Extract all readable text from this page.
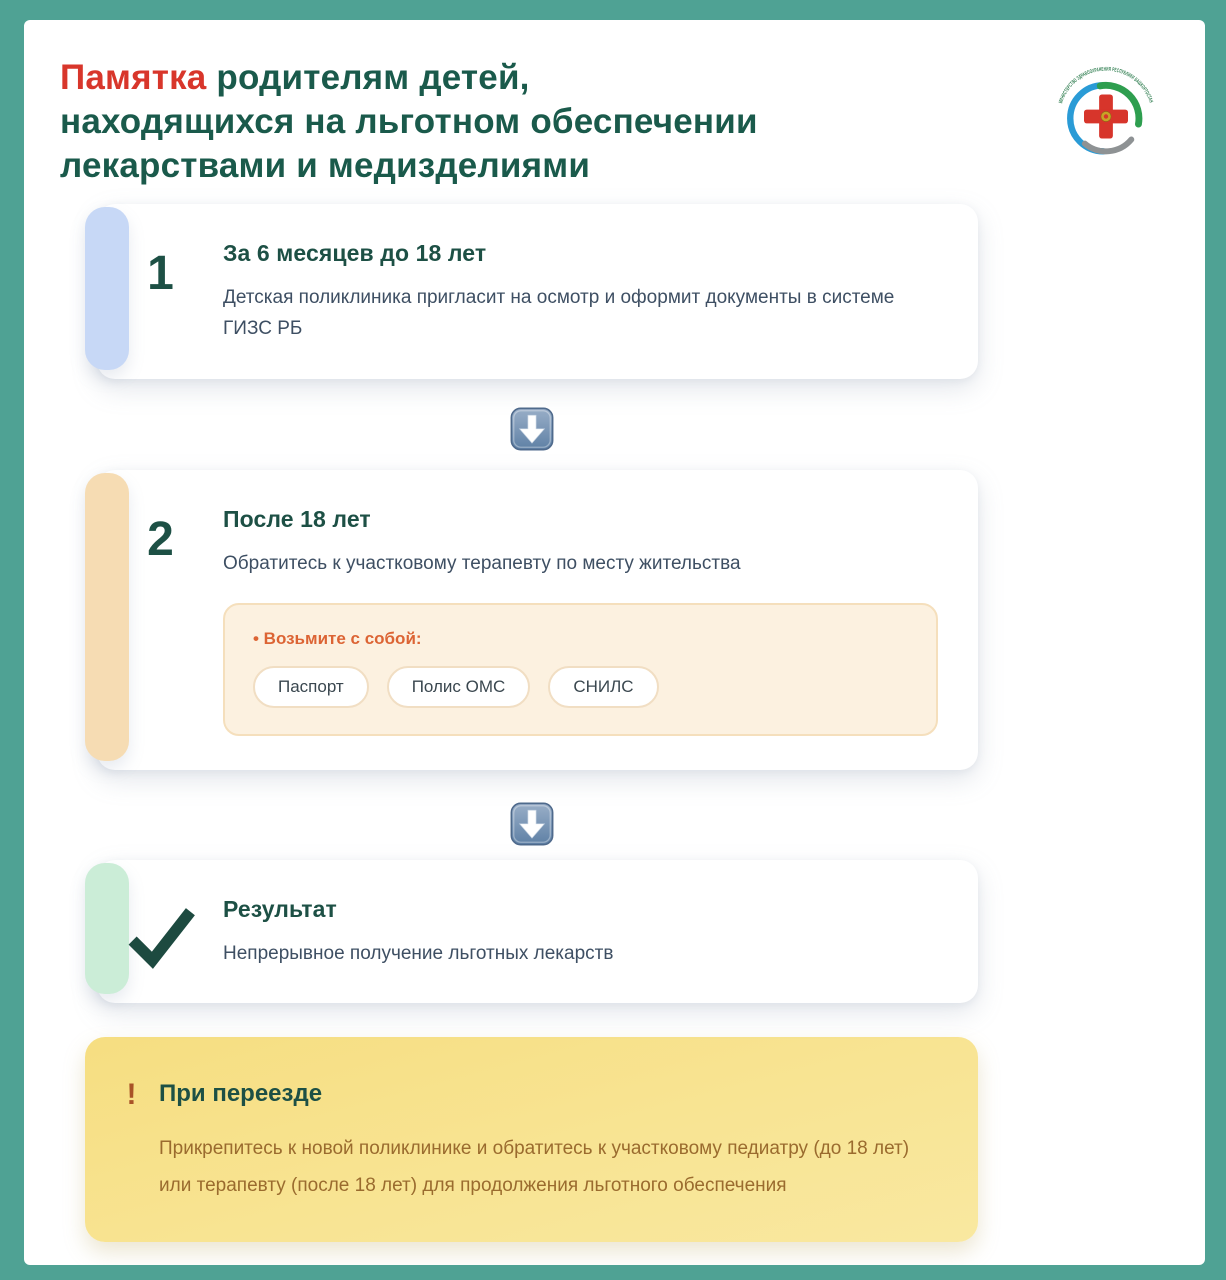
Памятка родителям детей,
находящихся на льготном обеспечении
лекарствами и медизделиями
МИНИСТЕРСТВО ЗДРАВООХРАНЕНИЯ РЕСПУБЛИКИ БАШКОРТОСТАН
1 За 6 месяцев до 18 лет
Детская поликлиника пригласит на осмотр и оформит документы в системе ГИЗС РБ
2 После 18 лет
Обратитесь к участковому терапевту по месту жительства
• Возьмите с собой:
Паспорт	Полис ОМС	СНИЛС
Результат
Непрерывное получение льготных лекарств
! При переезде
Прикрепитесь к новой поликлинике и обратитесь к участковому педиатру (до 18 лет) или терапевту (после 18 лет) для продолжения льготного обеспечения
